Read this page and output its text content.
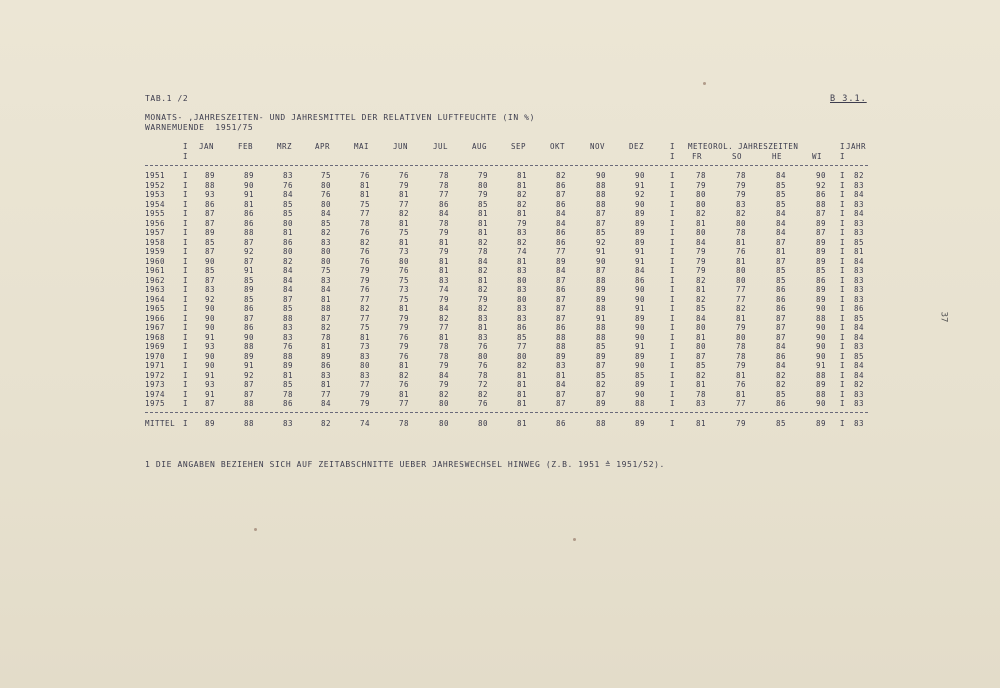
TAB.1 /2	B 3.1.
MONATS- ,JAHRESZEITEN- UND JAHRESMITTEL DER RELATIVEN LUFTFEUCHTE (IN %)
WARNEMUENDE  1951/75
37
1 DIE ANGABEN BEZIEHEN SICH AUF ZEITABSCHNITTE UEBER JAHRESWECHSEL HINWEG (Z.B. 1951 ≙ 1951/52).
I JAN	FEB	MRZ	APR	MAI	JUN	JUL	AUG	SEP	OKT	NOV	DEZ	I METEOROL. JAHRESZEITEN	I JAHR
I	I FR	SO	HE	WI I
1951 I 89	89	83	75	76	76	78	79	81	82	90	90	I	78	78	84	90 I 82
1952 I 88	90	76	80	81	79	78	80	81	86	88	91	I	79	79	85	92 I 83
1953 I 93	91	84	76	81	81	77	79	82	87	88	92	I	80	79	85	86 I 84
1954 I 86	81	85	80	75	77	86	85	82	86	88	90	I	80	83	85	88 I 83
1955 I 87	86	85	84	77	82	84	81	81	84	87	89	I	82	82	84	87 I 84
1956 I 87	86	80	85	78	81	78	81	79	84	87	89	I	81	80	84	89 I 83
1957 I 89	88	81	82	76	75	79	81	83	86	85	89	I	80	78	84	87 I 83
1958 I 85	87	86	83	82	81	81	82	82	86	92	89	I	84	81	87	89 I 85
1959 I 87	92	80	80	76	73	79	78	74	77	91	91	I	79	76	81	89 I 81
1960 I 90	87	82	80	76	80	81	84	81	89	90	91	I	79	81	87	89 I 84
1961 I 85	91	84	75	79	76	81	82	83	84	87	84	I	79	80	85	85 I 83
1962 I 87	85	84	83	79	75	83	81	80	87	88	86	I	82	80	85	86 I 83
1963 I 83	89	84	84	76	73	74	82	83	86	89	90	I	81	77	86	89 I 83
1964 I 92	85	87	81	77	75	79	79	80	87	89	90	I	82	77	86	89 I 83
1965 I 90	86	85	88	82	81	84	82	83	87	88	91	I	85	82	86	90 I 86
1966 I 90	87	88	87	77	79	82	83	83	87	91	89	I	84	81	87	88 I 85
1967 I 90	86	83	82	75	79	77	81	86	86	88	90	I	80	79	87	90 I 84
1968 I 91	90	83	78	81	76	81	83	85	88	88	90	I	81	80	87	90 I 84
1969 I 93	88	76	81	73	79	78	76	77	88	85	91	I	80	78	84	90 I 83
1970 I 90	89	88	89	83	76	78	80	80	89	89	89	I	87	78	86	90 I 85
1971 I 90	91	89	86	80	81	79	76	82	83	87	90	I	85	79	84	91 I 84
1972 I 91	92	81	83	83	82	84	78	81	81	85	85	I	82	81	82	88 I 84
1973 I 93	87	85	81	77	76	79	72	81	84	82	89	I	81	76	82	89 I 82
1974 I 91	87	78	77	79	81	82	82	81	87	87	90	I	78	81	85	88 I 83
1975 I 87	88	86	84	79	77	80	76	81	87	89	88	I	83	77	86	90 I 83
MITTEL I 89	88	83	82	74	78	80	80	81	86	88	89	I	81	79	85	89 I 83
